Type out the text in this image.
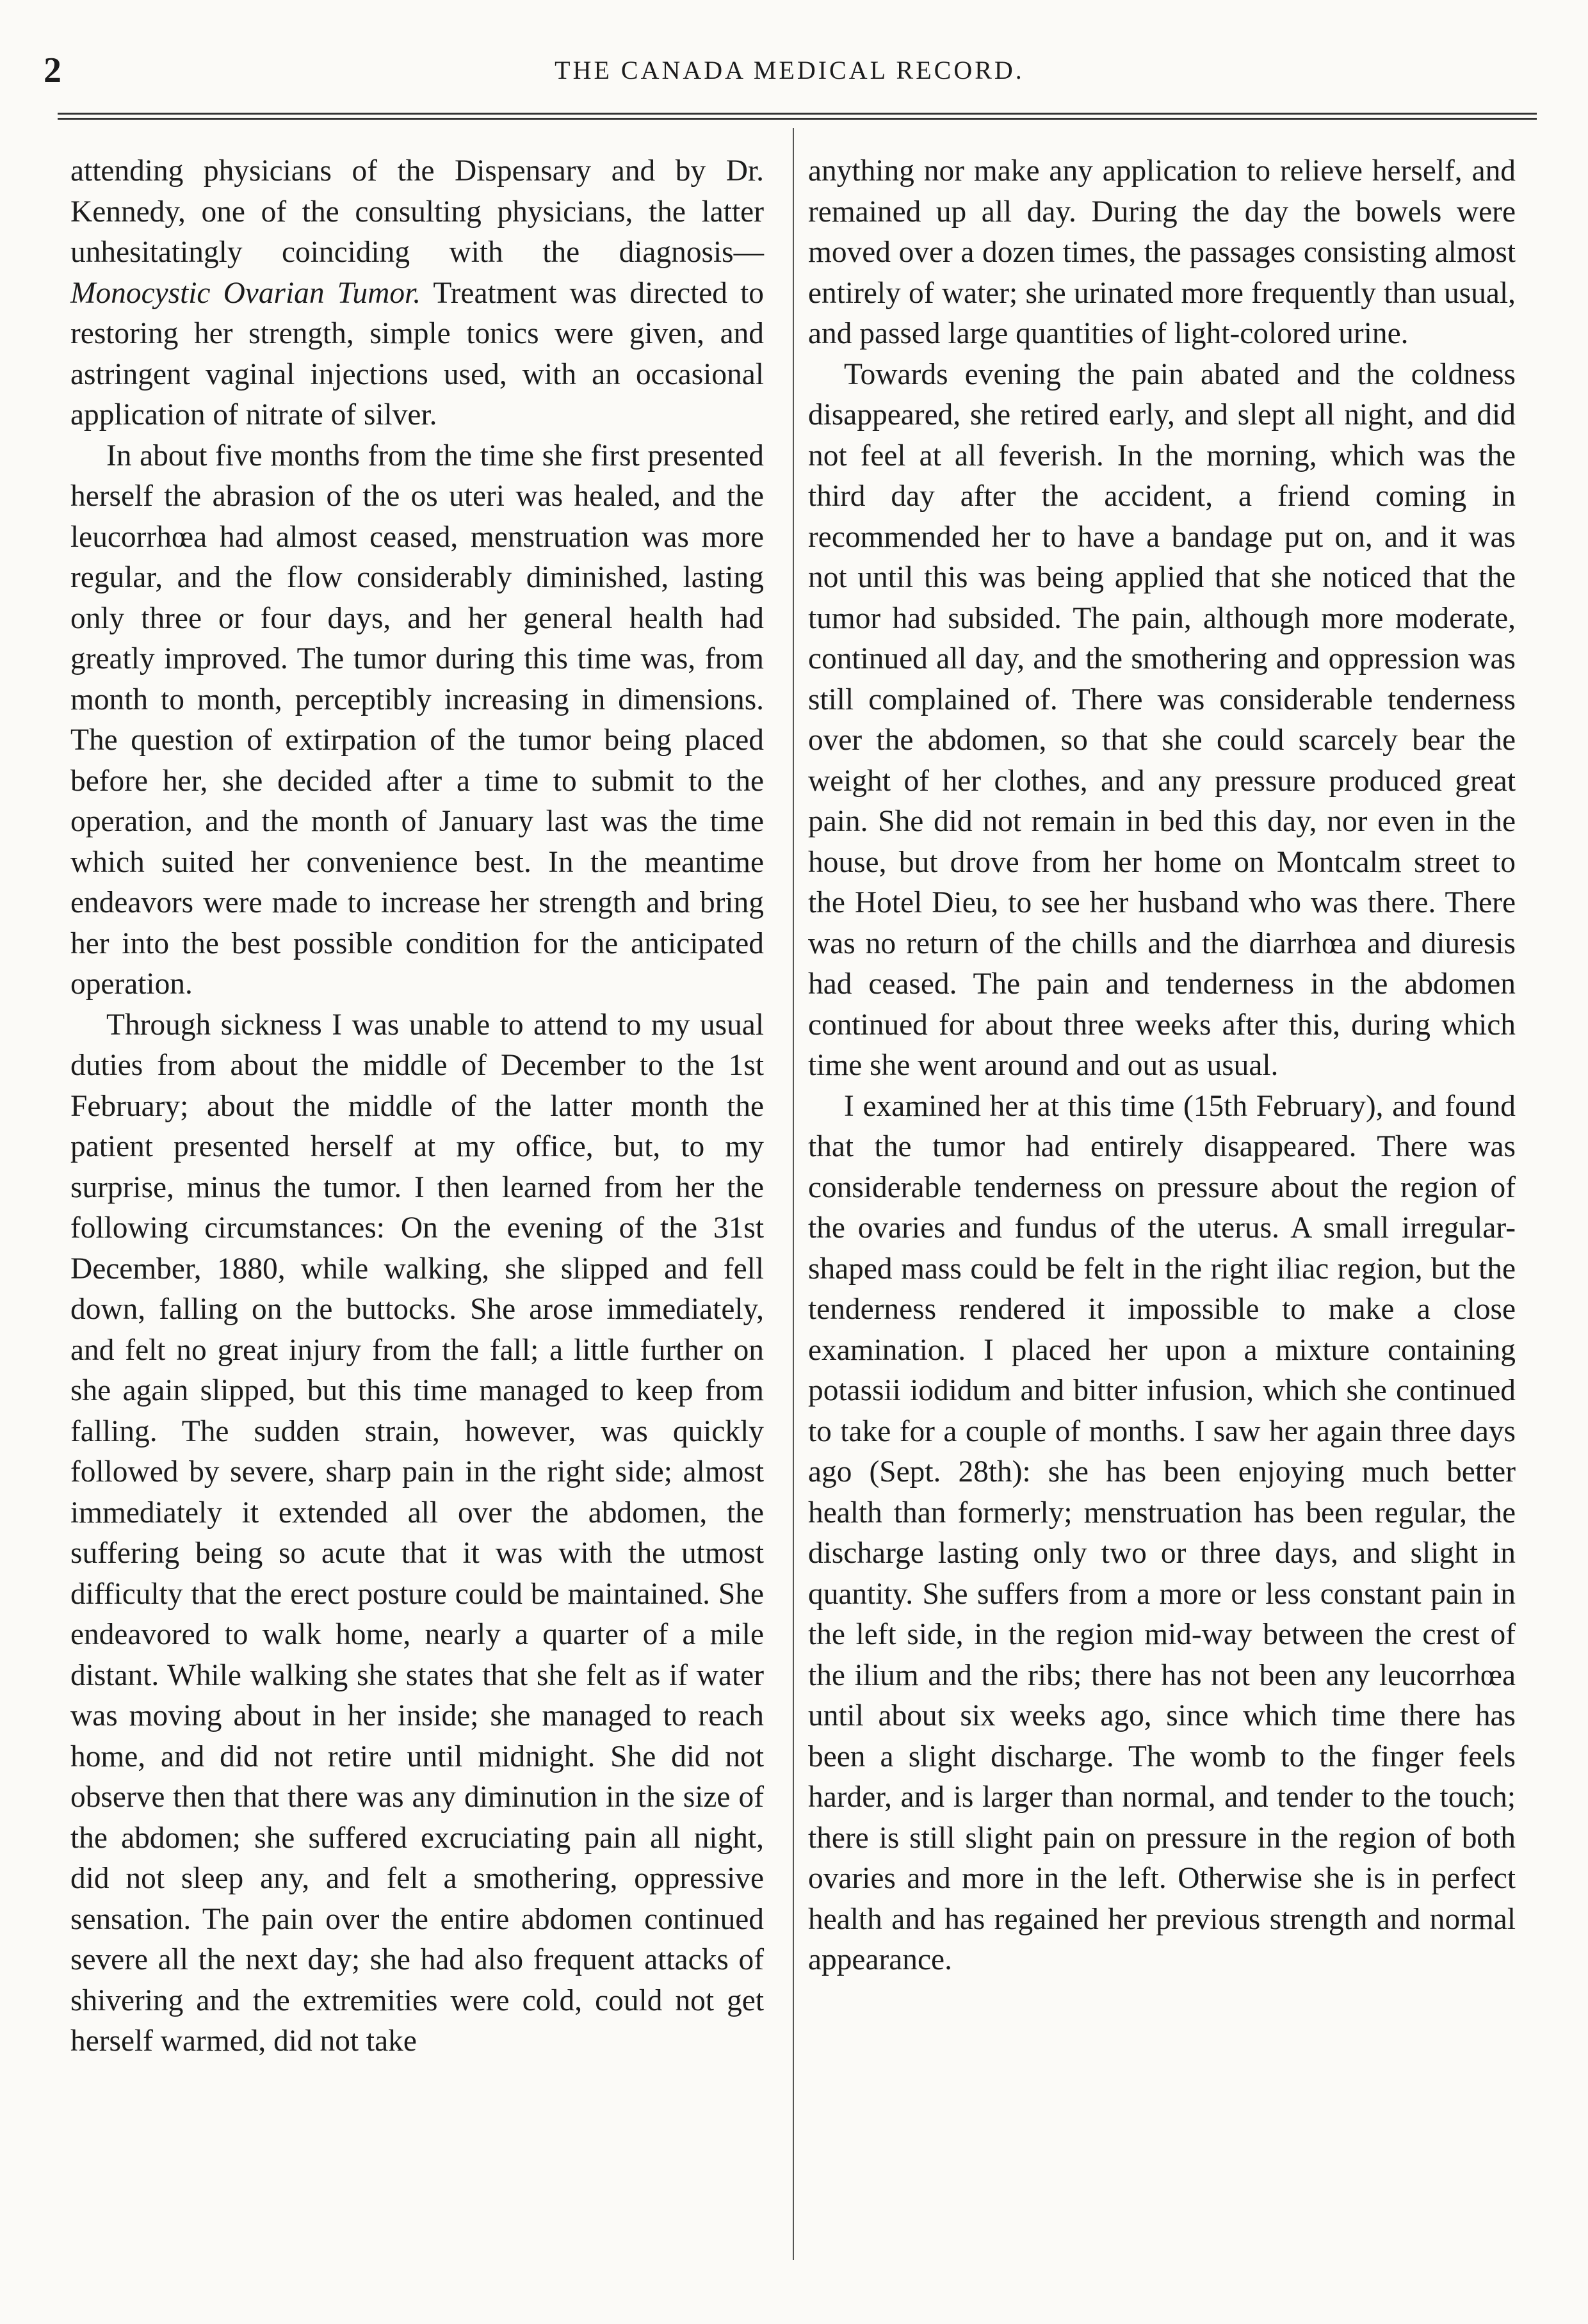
2	THE CANADA MEDICAL RECORD.

attending physicians of the Dispensary and by Dr. Kennedy, one of the consulting physicians, the latter unhesitatingly coinciding with the diagnosis—Monocystic Ovarian Tumor. Treatment was directed to restoring her strength, simple tonics were given, and astringent vaginal injections used, with an occasional application of nitrate of silver.

In about five months from the time she first presented herself the abrasion of the os uteri was healed, and the leucorrhœa had almost ceased, menstruation was more regular, and the flow considerably diminished, lasting only three or four days, and her general health had greatly improved. The tumor during this time was, from month to month, perceptibly increasing in dimensions. The question of extirpation of the tumor being placed before her, she decided after a time to submit to the operation, and the month of January last was the time which suited her convenience best. In the meantime endeavors were made to increase her strength and bring her into the best possible condition for the anticipated operation.

Through sickness I was unable to attend to my usual duties from about the middle of December to the 1st February; about the middle of the latter month the patient presented herself at my office, but, to my surprise, minus the tumor. I then learned from her the following circumstances: On the evening of the 31st December, 1880, while walking, she slipped and fell down, falling on the buttocks. She arose immediately, and felt no great injury from the fall; a little further on she again slipped, but this time managed to keep from falling. The sudden strain, however, was quickly followed by severe, sharp pain in the right side; almost immediately it extended all over the abdomen, the suffering being so acute that it was with the utmost difficulty that the erect posture could be maintained. She endeavored to walk home, nearly a quarter of a mile distant. While walking she states that she felt as if water was moving about in her inside; she managed to reach home, and did not retire until midnight. She did not observe then that there was any diminution in the size of the abdomen; she suffered excruciating pain all night, did not sleep any, and felt a smothering, oppressive sensation. The pain over the entire abdomen continued severe all the next day; she had also frequent attacks of shivering and the extremities were cold, could not get herself warmed, did not take

anything nor make any application to relieve herself, and remained up all day. During the day the bowels were moved over a dozen times, the passages consisting almost entirely of water; she urinated more frequently than usual, and passed large quantities of light-colored urine.

Towards evening the pain abated and the coldness disappeared, she retired early, and slept all night, and did not feel at all feverish. In the morning, which was the third day after the accident, a friend coming in recommended her to have a bandage put on, and it was not until this was being applied that she noticed that the tumor had subsided. The pain, although more moderate, continued all day, and the smothering and oppression was still complained of. There was considerable tenderness over the abdomen, so that she could scarcely bear the weight of her clothes, and any pressure produced great pain. She did not remain in bed this day, nor even in the house, but drove from her home on Montcalm street to the Hotel Dieu, to see her husband who was there. There was no return of the chills and the diarrhœa and diuresis had ceased. The pain and tenderness in the abdomen continued for about three weeks after this, during which time she went around and out as usual.

I examined her at this time (15th February), and found that the tumor had entirely disappeared. There was considerable tenderness on pressure about the region of the ovaries and fundus of the uterus. A small irregular-shaped mass could be felt in the right iliac region, but the tenderness rendered it impossible to make a close examination. I placed her upon a mixture containing potassii iodidum and bitter infusion, which she continued to take for a couple of months. I saw her again three days ago (Sept. 28th): she has been enjoying much better health than formerly; menstruation has been regular, the discharge lasting only two or three days, and slight in quantity. She suffers from a more or less constant pain in the left side, in the region mid-way between the crest of the ilium and the ribs; there has not been any leucorrhœa until about six weeks ago, since which time there has been a slight discharge. The womb to the finger feels harder, and is larger than normal, and tender to the touch; there is still slight pain on pressure in the region of both ovaries and more in the left. Otherwise she is in perfect health and has regained her previous strength and normal appearance.
